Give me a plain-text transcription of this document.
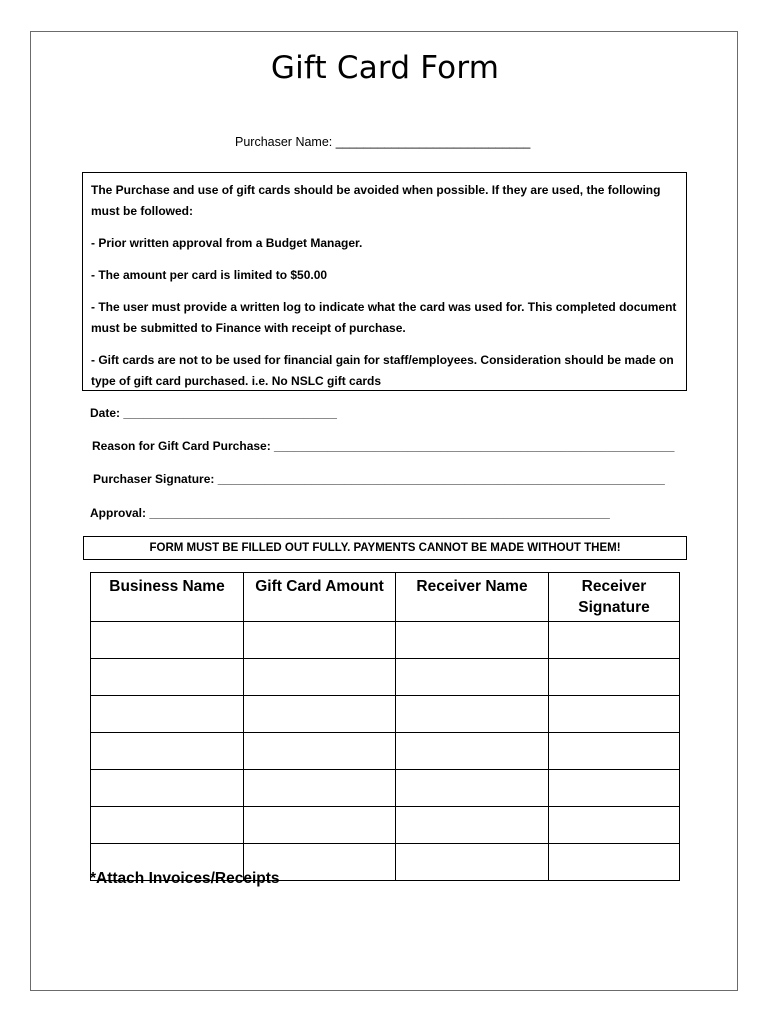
Gift Card Form
Purchaser Name: ____________________________

The Purchase and use of gift cards should be avoided when possible. If they are used, the following must be followed:

- Prior written approval from a Budget Manager.

- The amount per card is limited to $50.00

- The user must provide a written log to indicate what the card was used for. This completed document must be submitted to Finance with receipt of purchase.

- Gift cards are not to be used for financial gain for staff/employees. Consideration should be made on type of gift card purchased. i.e. No NSLC gift cards

Date: ________________________________
Reason for Gift Card Purchase: ____________________________________________________________
Purchaser Signature: ___________________________________________________________________
Approval: _____________________________________________________________________
FORM MUST BE FILLED OUT FULLY. PAYMENTS CANNOT BE MADE WITHOUT THEM!
Business Name	Gift Card Amount	Receiver Name	Receiver Signature

*Attach Invoices/Receipts
